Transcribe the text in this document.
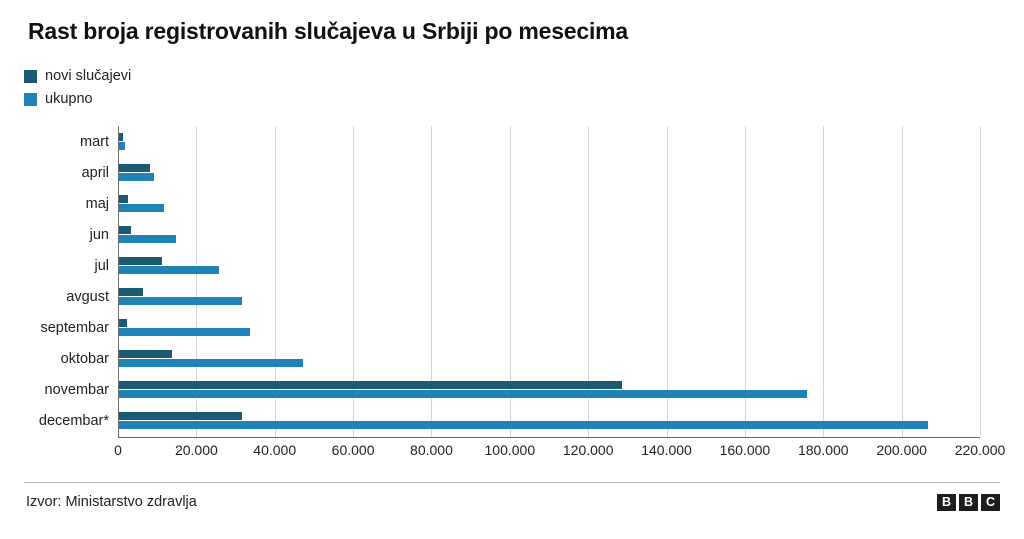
Rast broja registrovanih slučajeva u Srbiji po mesecima
novi slučajevi
ukupno
0	20.000	40.000	60.000	80.000 100.000 120.000 140.000 160.000 180.000 200.000 220.000
mart
april
maj
jun
jul
avgust
septembar
oktobar
novembar
decembar*
Izvor: Ministarstvo zdravlja	B	B	C
